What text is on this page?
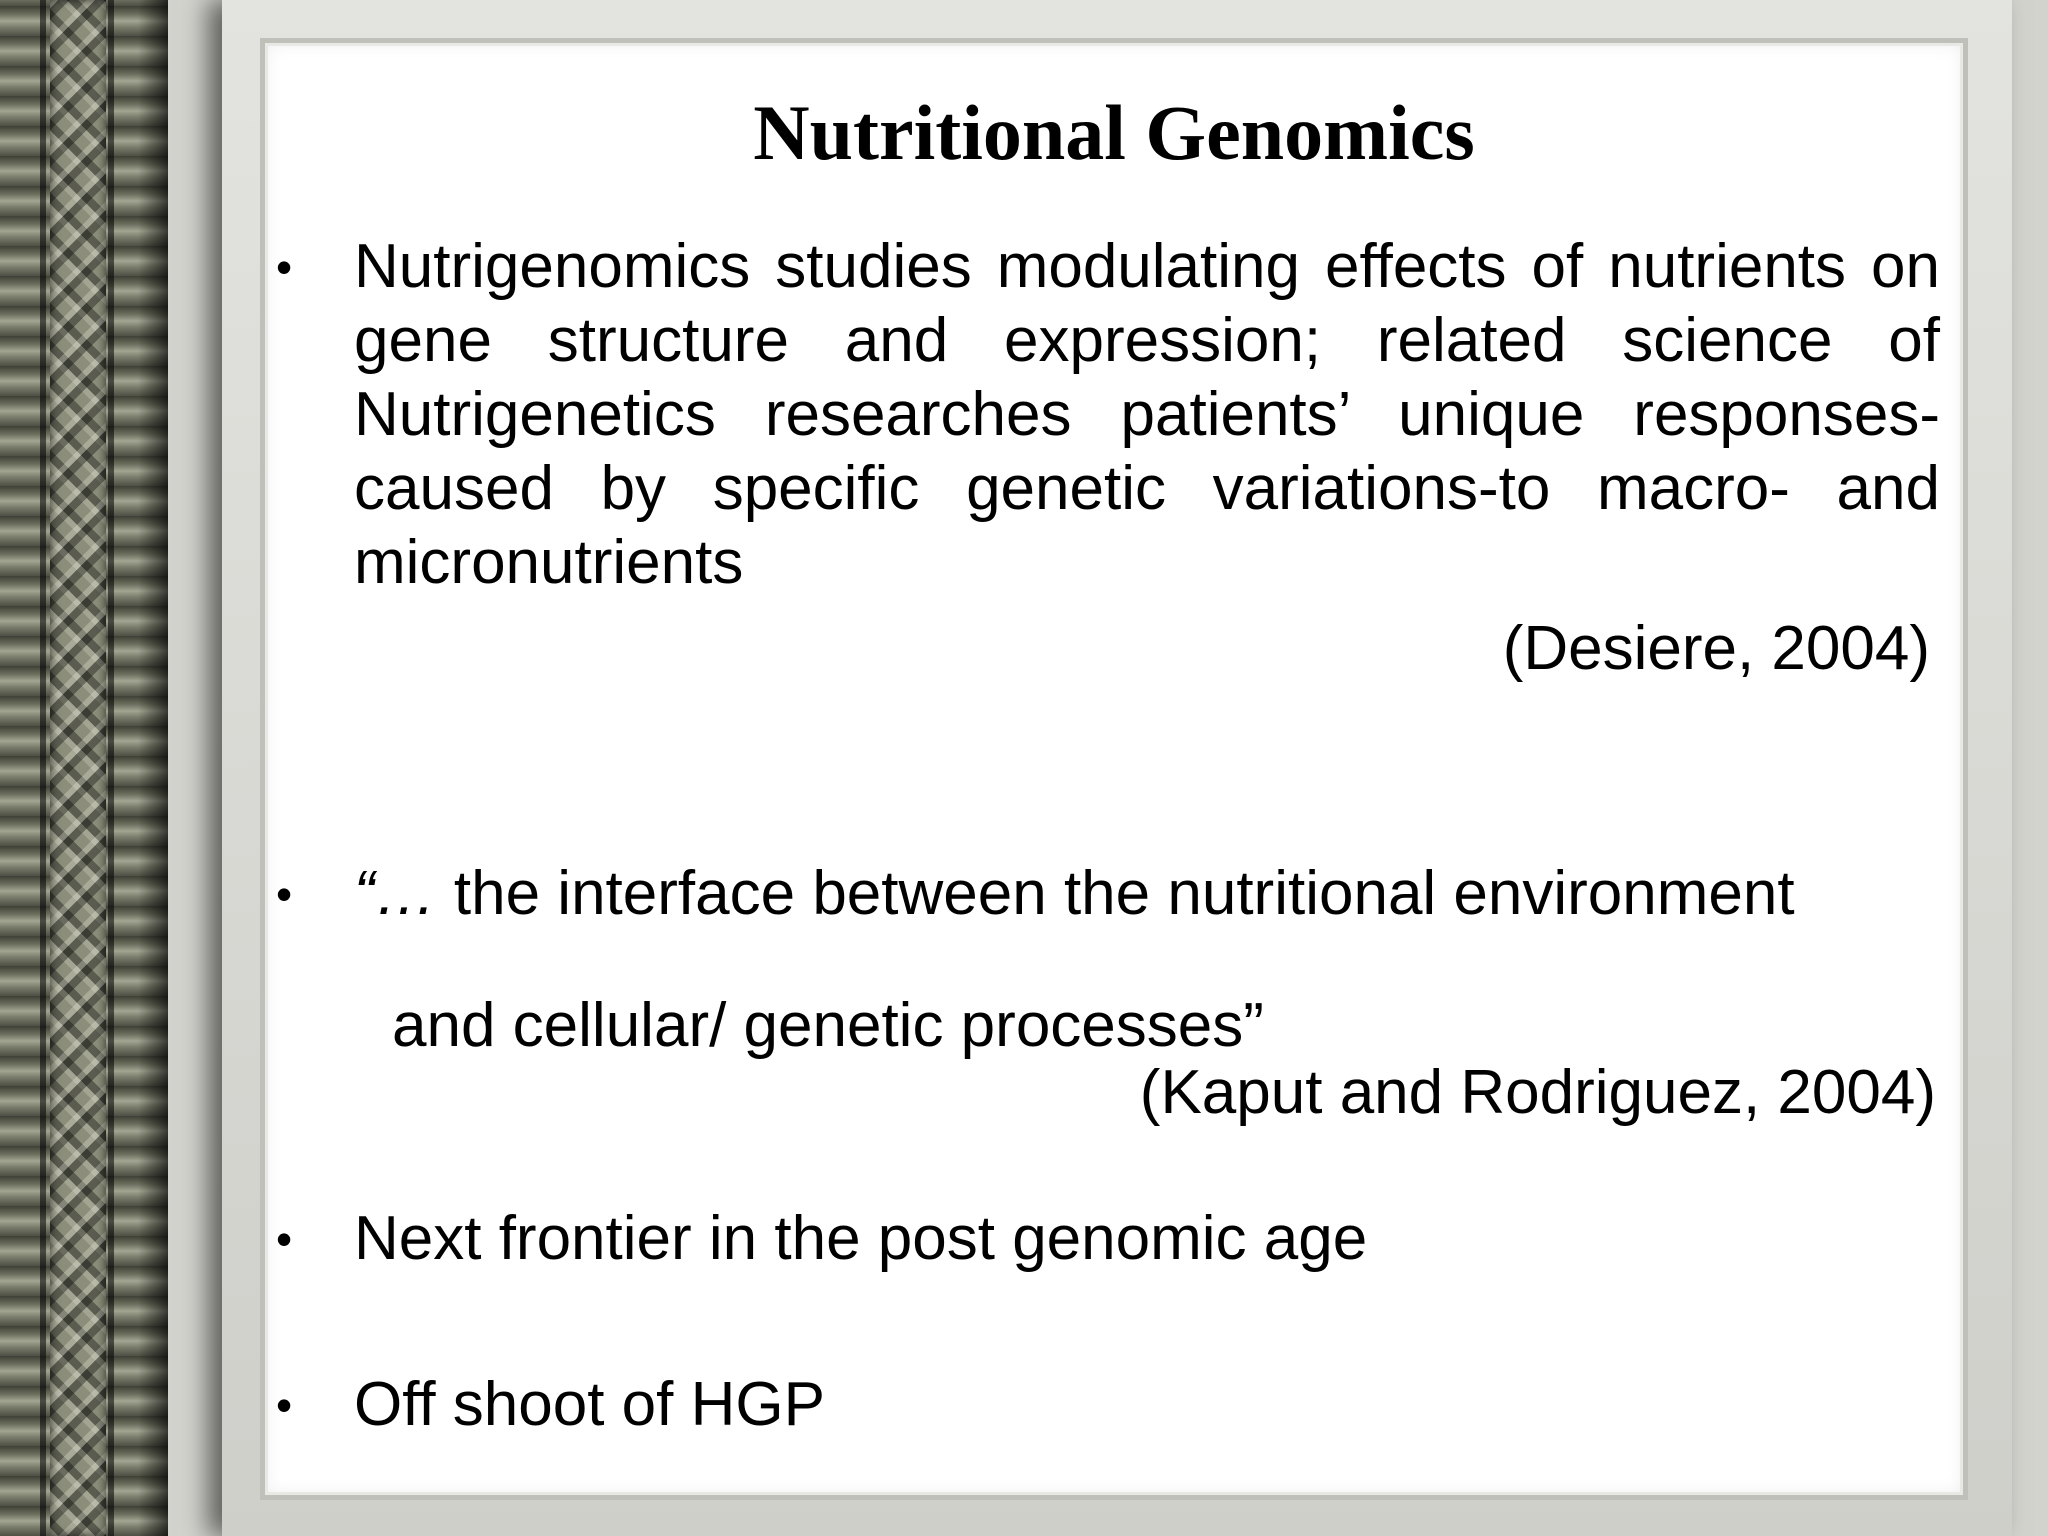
Nutritional Genomics
• Nutrigenomics studies modulating effects of nutrients on gene structure and expression; related science of Nutrigenetics researches patients’ unique responses-caused by specific genetic variations-to macro- and micronutrients

(Desiere, 2004)

• “… the interface between the nutritional environment

and cellular/ genetic processes”

(Kaput and Rodriguez, 2004)

• Next frontier in the post genomic age

• Off shoot of HGP
